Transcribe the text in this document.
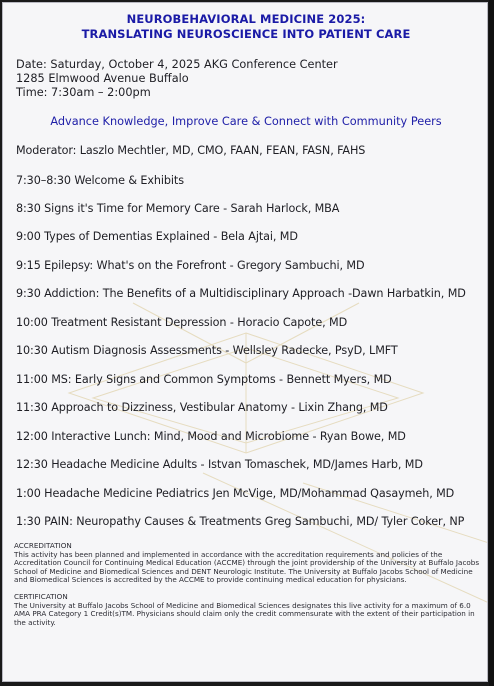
NEUROBEHAVIORAL MEDICINE 2025:
TRANSLATING NEUROSCIENCE INTO PATIENT CARE
Date: Saturday, October 4, 2025 AKG Conference Center
1285 Elmwood Avenue Buffalo
Time: 7:30am – 2:00pm
Advance Knowledge, Improve Care & Connect with Community Peers
Moderator: Laszlo Mechtler, MD, CMO, FAAN, FEAN, FASN, FAHS
7:30–8:30 Welcome & Exhibits
8:30 Signs it's Time for Memory Care - Sarah Harlock, MBA
9:00 Types of Dementias Explained - Bela Ajtai, MD
9:15 Epilepsy: What's on the Forefront - Gregory Sambuchi, MD
9:30 Addiction: The Benefits of a Multidisciplinary Approach -Dawn Harbatkin, MD
10:00 Treatment Resistant Depression - Horacio Capote, MD
10:30 Autism Diagnosis Assessments - Wellsley Radecke, PsyD, LMFT
11:00 MS: Early Signs and Common Symptoms - Bennett Myers, MD
11:30 Approach to Dizziness, Vestibular Anatomy - Lixin Zhang, MD
12:00 Interactive Lunch: Mind, Mood and Microbiome - Ryan Bowe, MD
12:30 Headache Medicine Adults - Istvan Tomaschek, MD/James Harb, MD
1:00 Headache Medicine Pediatrics Jen McVige, MD/Mohammad Qasaymeh, MD
1:30 PAIN: Neuropathy Causes & Treatments Greg Sambuchi, MD/ Tyler Coker, NP
ACCREDITATION
This activity has been planned and implemented in accordance with the accreditation requirements and policies of the Accreditation Council for Continuing Medical Education (ACCME) through the joint providership of the University at Buffalo Jacobs School of Medicine and Biomedical Sciences and DENT Neurologic Institute. The University at Buffalo Jacobs School of Medicine and Biomedical Sciences is accredited by the ACCME to provide continuing medical education for physicians.
CERTIFICATION
The University at Buffalo Jacobs School of Medicine and Biomedical Sciences designates this live activity for a maximum of 6.0 AMA PRA Category 1 Credit(s)TM. Physicians should claim only the credit commensurate with the extent of their participation in the activity.
